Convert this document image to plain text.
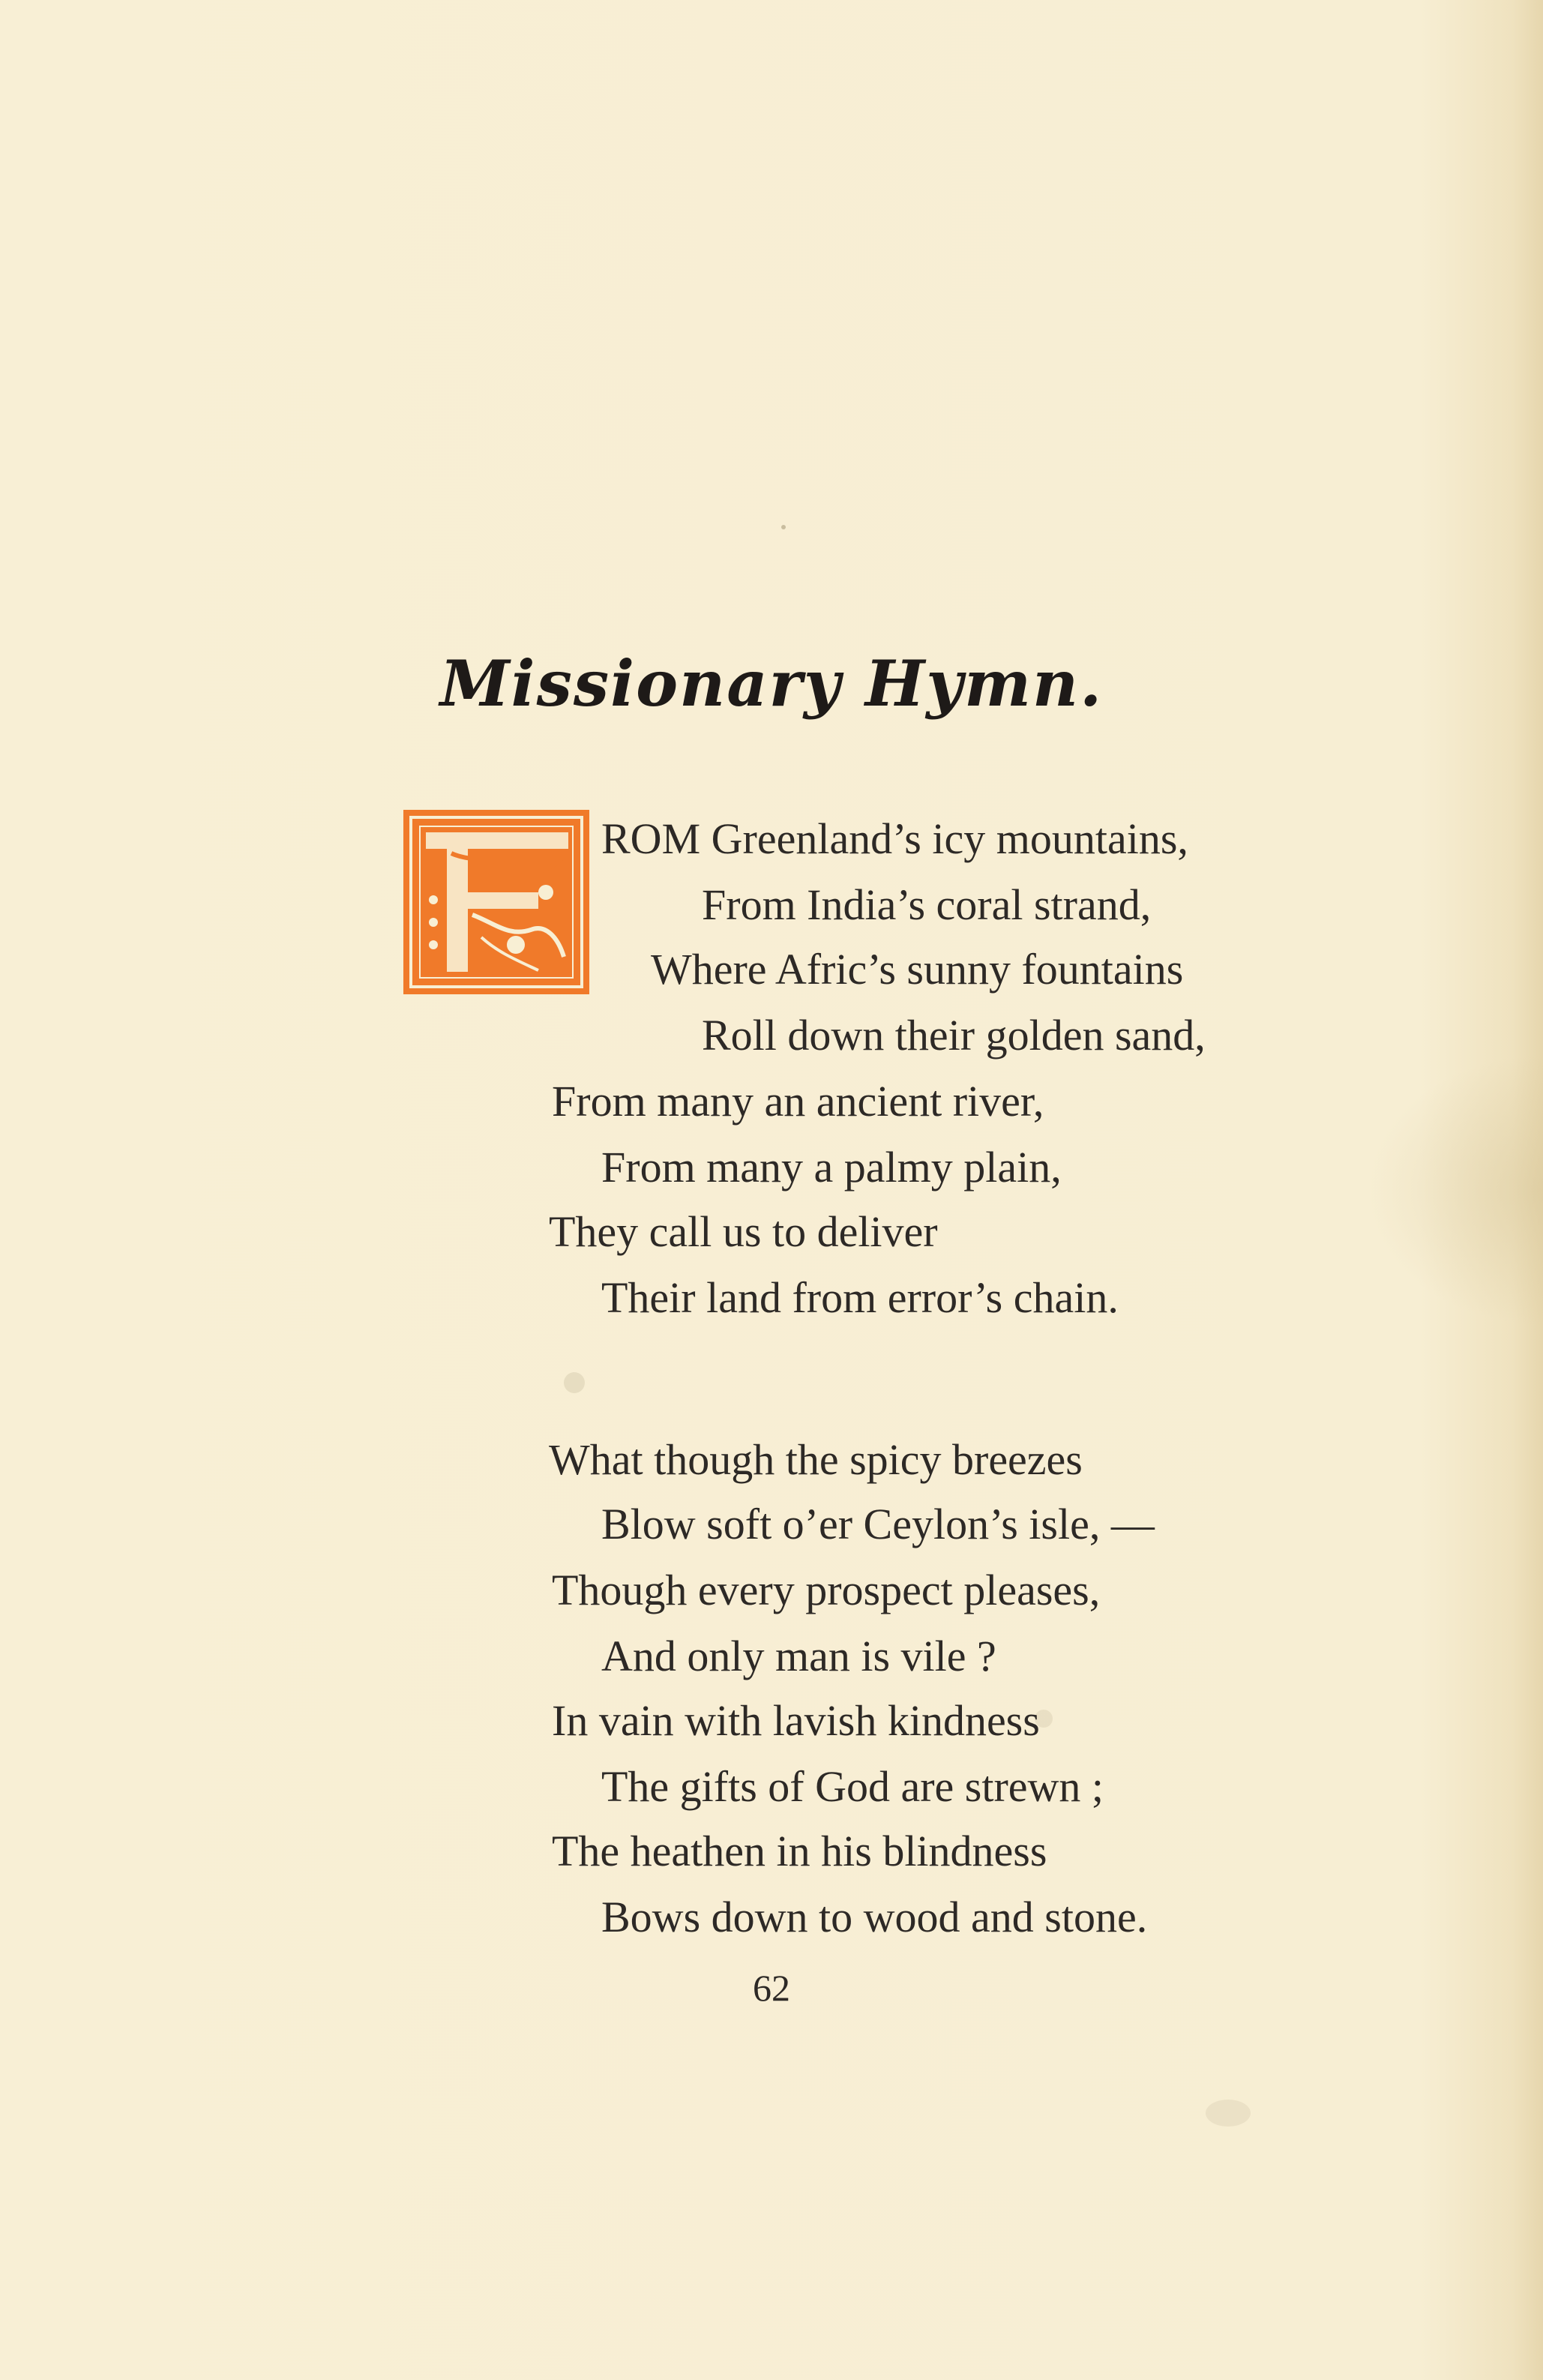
Missionary Hymn.
ROM Greenland’s icy mountains,
From India’s coral strand,
Where Afric’s sunny fountains
Roll down their golden sand,
From many an ancient river,
From many a palmy plain,
They call us to deliver
Their land from error’s chain.
What though the spicy breezes
Blow soft o’er Ceylon’s isle, —
Though every prospect pleases,
And only man is vile ?
In vain with lavish kindness
The gifts of God are strewn ;
The heathen in his blindness
Bows down to wood and stone.
62
